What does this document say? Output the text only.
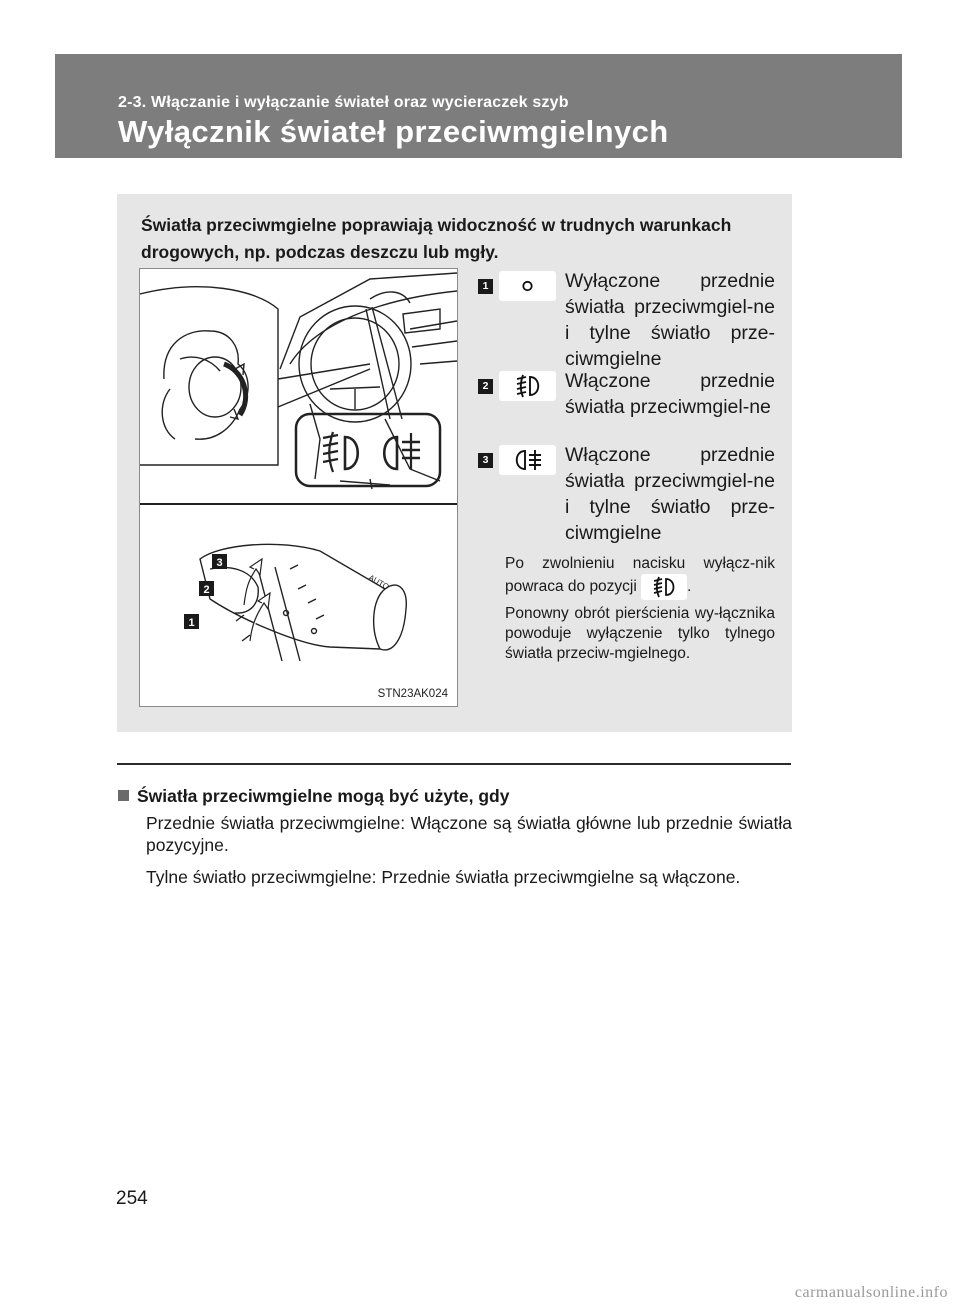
2-3. Włączanie i wyłączanie świateł oraz wycieraczek szyb
Wyłącznik świateł przeciwmgielnych
Światła przeciwmgielne poprawiają widoczność w trudnych warunkach drogowych, np. podczas deszczu lub mgły.
3
2
1
AUTO
STN23AK024
1	Wyłączone przednie światła przeciwmgiel-ne i tylne światło prze-ciwmgielne
2	Włączone przednie światła przeciwmgiel-ne
3	Włączone przednie światła przeciwmgiel-ne i tylne światło prze-ciwmgielne
Po zwolnieniu nacisku wyłącz-nik powraca do pozycji	.
Ponowny obrót pierścienia wy-łącznika powoduje wyłączenie tylko tylnego światła przeciw-mgielnego.
Światła przeciwmgielne mogą być użyte, gdy
Przednie światła przeciwmgielne: Włączone są światła główne lub przednie światła pozycyjne.
Tylne światło przeciwmgielne: Przednie światła przeciwmgielne są włączone.
254
carmanualsonline.info
